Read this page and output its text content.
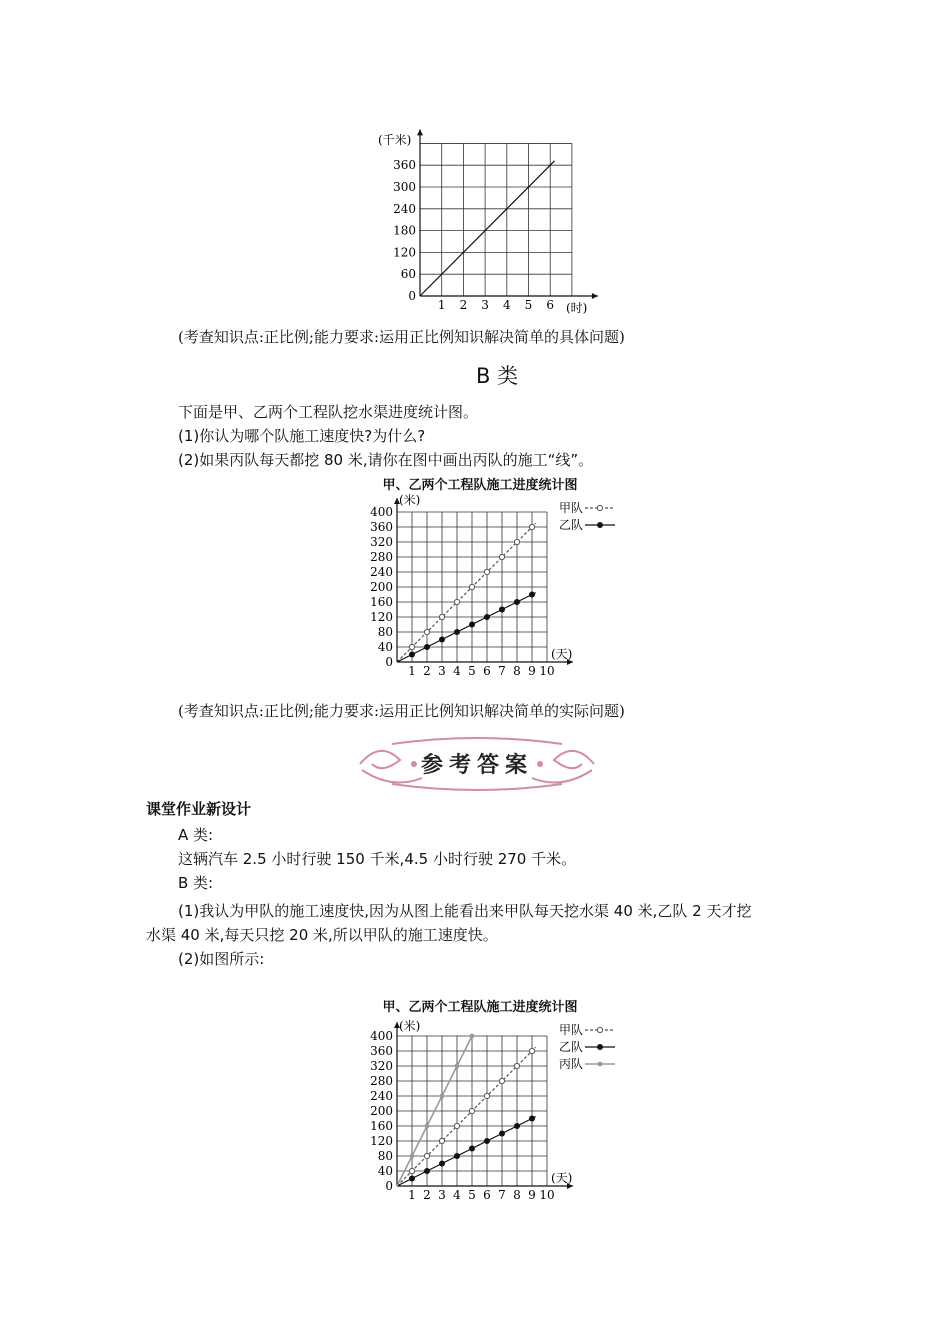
1 2 3 4 5 6
0
60
120
180
240
300
360
(千米)
(时)
(考查知识点:正比例;能力要求:运用正比例知识解决简单的具体问题)
B 类
下面是甲、乙两个工程队挖水渠进度统计图。
(1)你认为哪个队施工速度快?为什么?
(2)如果丙队每天都挖 80 米,请你在图中画出丙队的施工“线”。
甲、乙两个工程队施工进度统计图
1 2 3 4 5 6 7 8 9 10
0
40
80
120
160
200
240
280
320
360
400	甲队
乙队
(米)
(天)
(考查知识点:正比例;能力要求:运用正比例知识解决简单的实际问题)
参考答案
课堂作业新设计
A 类:
这辆汽车 2.5 小时行驶 150 千米,4.5 小时行驶 270 千米。
B 类:
(1)我认为甲队的施工速度快,因为从图上能看出来甲队每天挖水渠 40 米,乙队 2 天才挖
水渠 40 米,每天只挖 20 米,所以甲队的施工速度快。
(2)如图所示:
甲、乙两个工程队施工进度统计图
1 2 3 4 5 6 7 8 9 10
0
40
80
120
160
200
240
280
320
360
400	甲队
乙队
丙队
(米)
(天)
